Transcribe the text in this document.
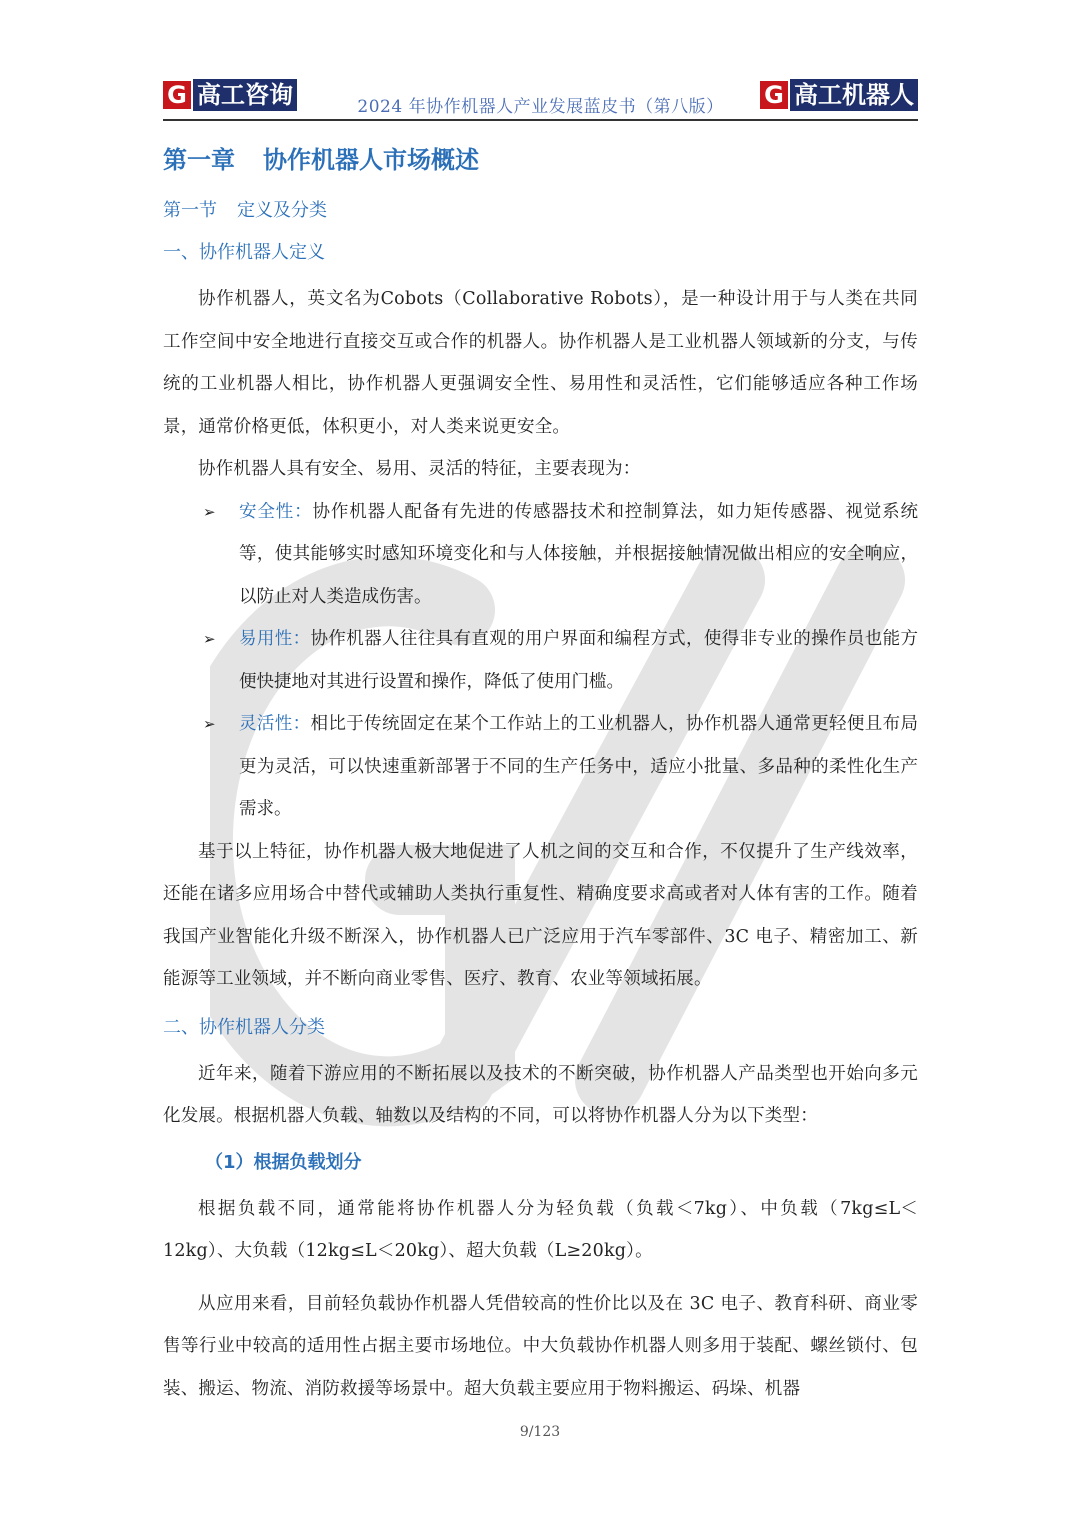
G 高工咨询	2024 年协作机器人产业发展蓝皮书（第八版）	G 高工机器人
第一章 协作机器人市场概述
第一节 定义及分类
一、协作机器人定义

协作机器人，英文名为Cobots（Collaborative Robots），是一种设计用于与人类在共同工作空间中安全地进行直接交互或合作的机器人。协作机器人是工业机器人领域新的分支，与传统的工业机器人相比，协作机器人更强调安全性、易用性和灵活性，它们能够适应各种工作场景，通常价格更低，体积更小，对人类来说更安全。

协作机器人具有安全、易用、灵活的特征，主要表现为：

➢ 安全性：协作机器人配备有先进的传感器技术和控制算法，如力矩传感器、视觉系统等，使其能够实时感知环境变化和与人体接触，并根据接触情况做出相应的安全响应，以防止对人类造成伤害。
➢ 易用性：协作机器人往往具有直观的用户界面和编程方式，使得非专业的操作员也能方便快捷地对其进行设置和操作，降低了使用门槛。
➢ 灵活性：相比于传统固定在某个工作站上的工业机器人，协作机器人通常更轻便且布局更为灵活，可以快速重新部署于不同的生产任务中，适应小批量、多品种的柔性化生产需求。

基于以上特征，协作机器人极大地促进了人机之间的交互和合作，不仅提升了生产线效率，还能在诸多应用场合中替代或辅助人类执行重复性、精确度要求高或者对人体有害的工作。随着我国产业智能化升级不断深入，协作机器人已广泛应用于汽车零部件、3C 电子、精密加工、新能源等工业领域，并不断向商业零售、医疗、教育、农业等领域拓展。

二、协作机器人分类

近年来，随着下游应用的不断拓展以及技术的不断突破，协作机器人产品类型也开始向多元化发展。根据机器人负载、轴数以及结构的不同，可以将协作机器人分为以下类型：

（1）根据负载划分

根据负载不同，通常能将协作机器人分为轻负载（负载＜7kg）、中负载（7kg≤L＜12kg）、大负载（12kg≤L＜20kg）、超大负载（L≥20kg）。

从应用来看，目前轻负载协作机器人凭借较高的性价比以及在 3C 电子、教育科研、商业零售等行业中较高的适用性占据主要市场地位。中大负载协作机器人则多用于装配、螺丝锁付、包装、搬运、物流、消防救援等场景中。超大负载主要应用于物料搬运、码垛、机器

9/123
